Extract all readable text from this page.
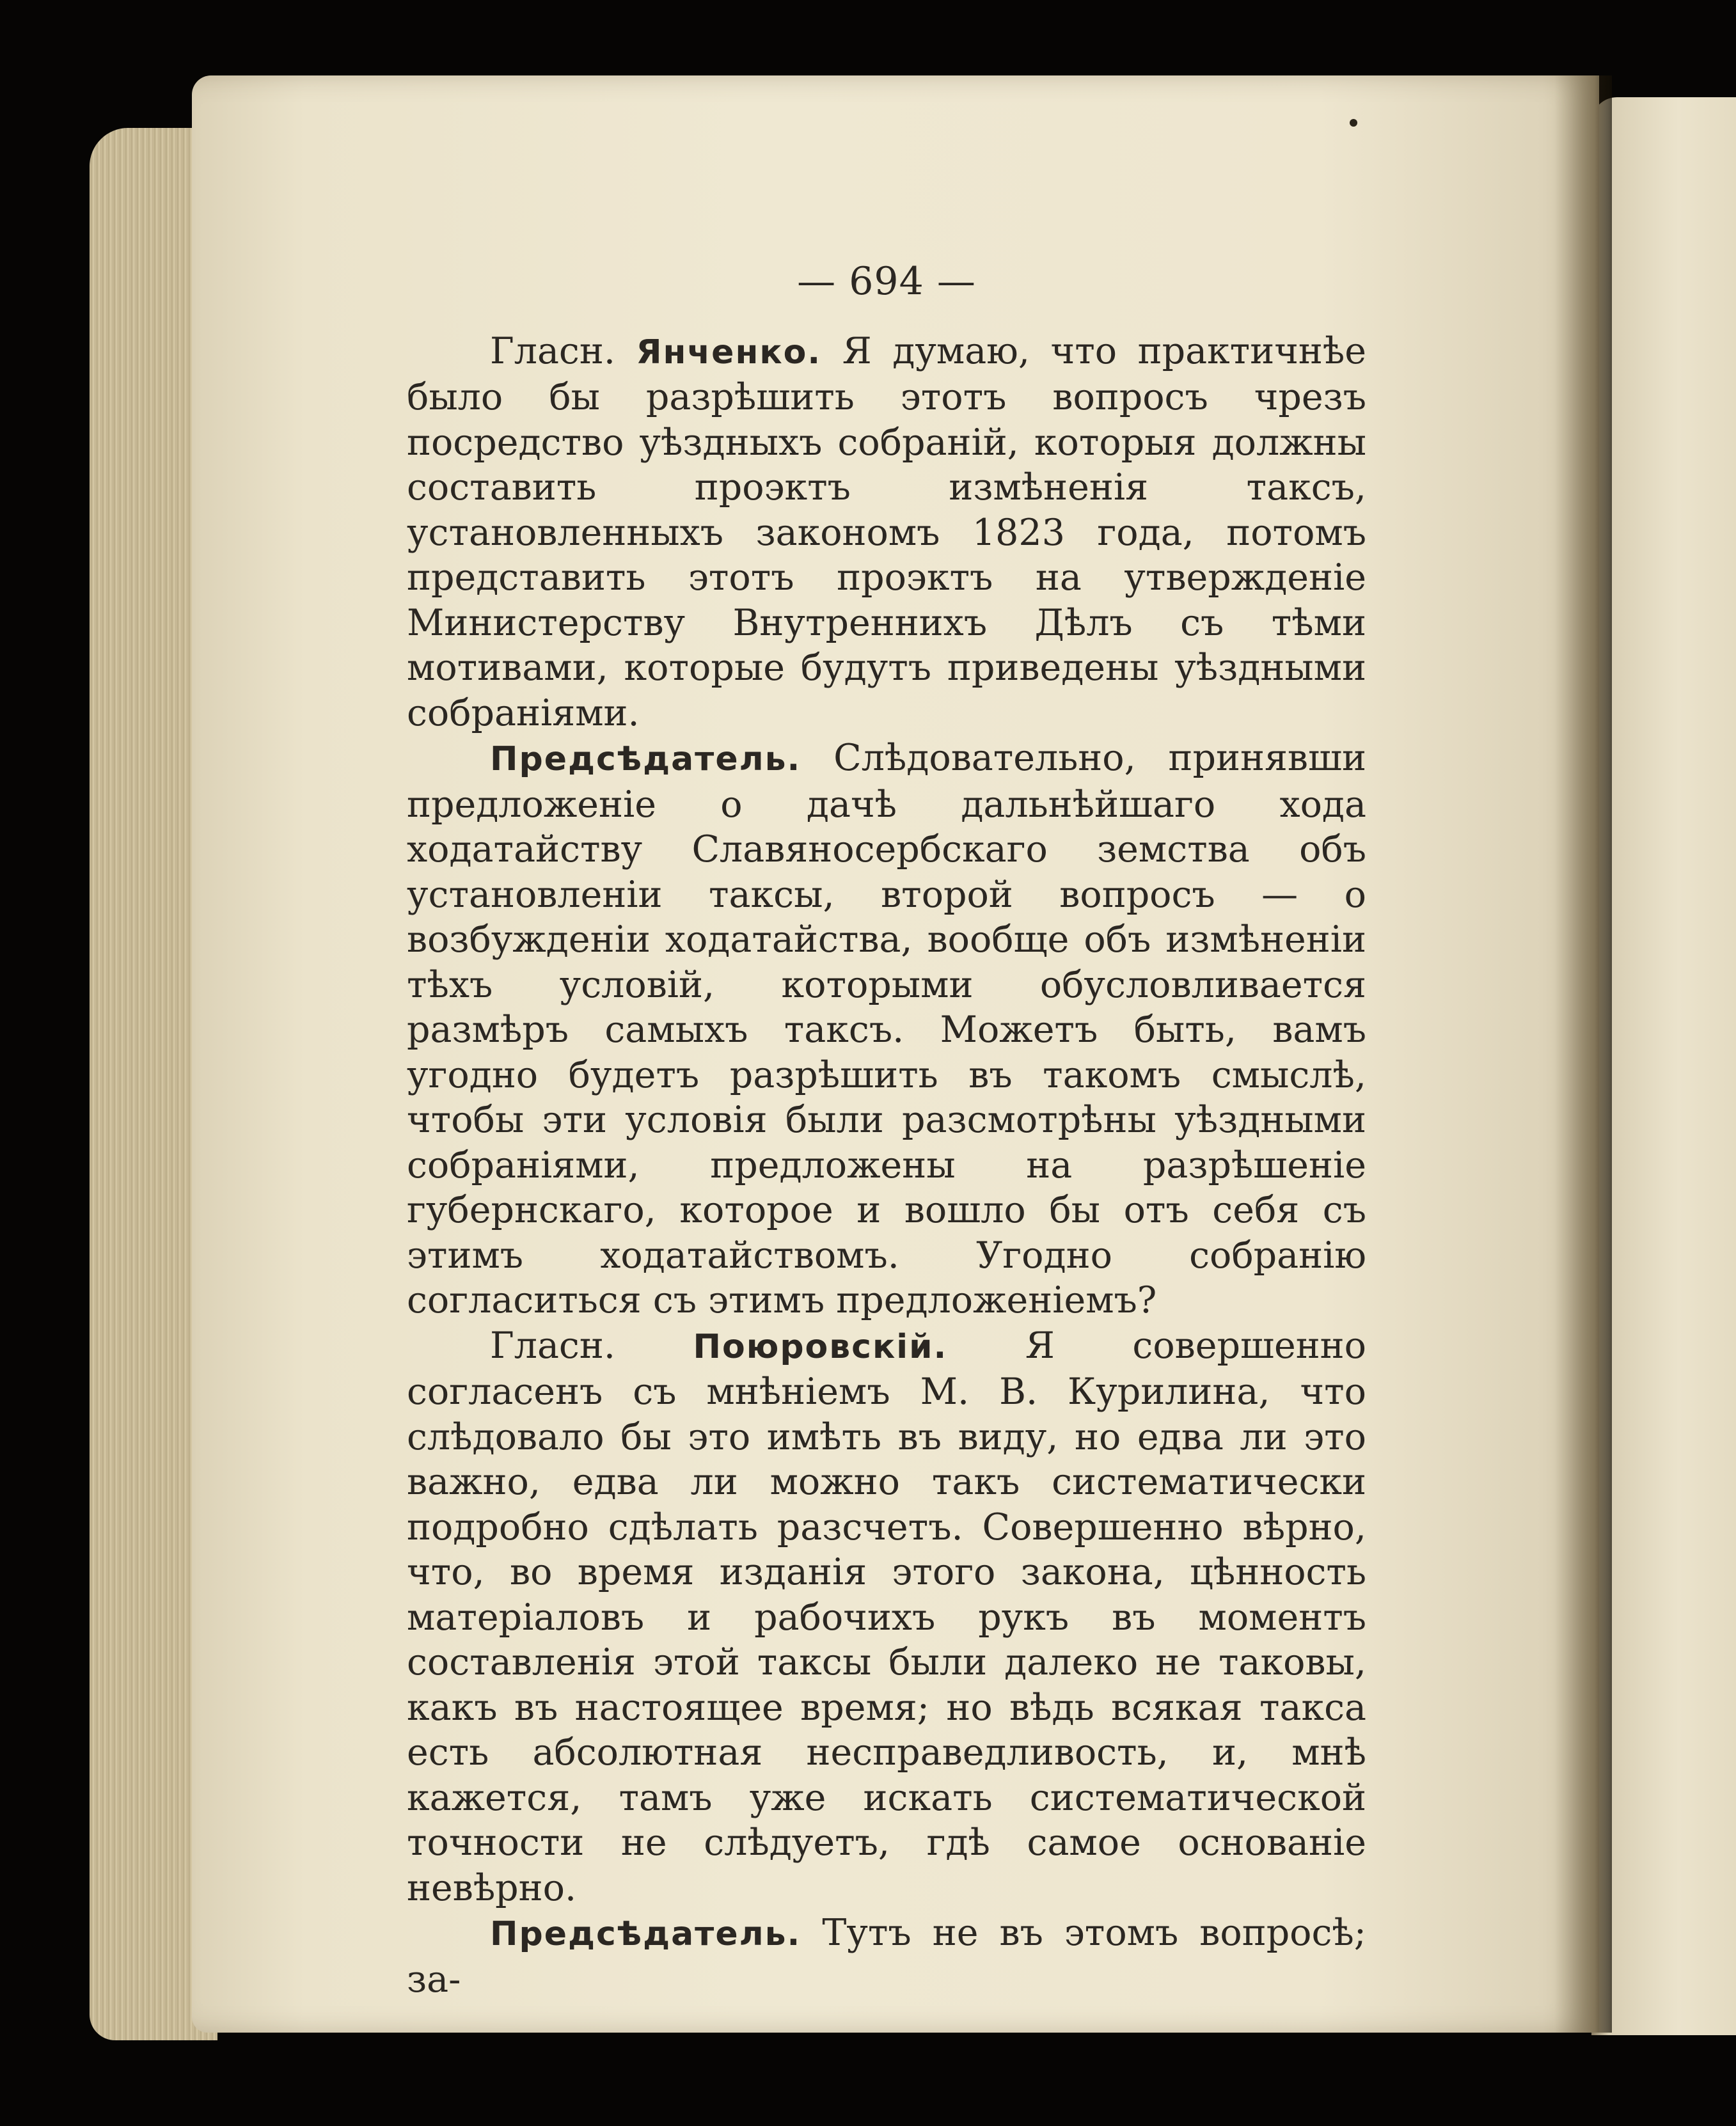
— 694 —

Гласн. Янченко. Я думаю, что практичнѣе было бы разрѣшить этотъ вопросъ чрезъ посредство уѣздныхъ собраній, которыя должны составить проэктъ измѣненія таксъ, установленныхъ закономъ 1823 года, потомъ представить этотъ проэктъ на утвержденіе Министерству Внутреннихъ Дѣлъ съ тѣми мотивами, которые будутъ приведены уѣздными собраніями.

Предсѣдатель. Слѣдовательно, принявши предложеніе о дачѣ дальнѣйшаго хода ходатайству Славяносербскаго земства объ установленіи таксы, второй вопросъ — о возбужденіи ходатайства, вообще объ измѣненіи тѣхъ условій, которыми обусловливается размѣръ самыхъ таксъ. Можетъ быть, вамъ угодно будетъ разрѣшить въ такомъ смыслѣ, чтобы эти условія были разсмотрѣны уѣздными собраніями, предложены на разрѣшеніе губернскаго, которое и вошло бы отъ себя съ этимъ ходатайствомъ. Угодно собранію согласиться съ этимъ предложеніемъ?

Гласн. Поюровскій. Я совершенно согласенъ съ мнѣніемъ М. В. Курилина, что слѣдовало бы это имѣть въ виду, но едва ли это важно, едва ли можно такъ систематически подробно сдѣлать разсчетъ. Совершенно вѣрно, что, во время изданія этого закона, цѣнность матеріаловъ и рабочихъ рукъ въ моментъ составленія этой таксы были далеко не таковы, какъ въ настоящее время; но вѣдь всякая такса есть абсолютная несправедливость, и, мнѣ кажется, тамъ уже искать систематической точности не слѣдуетъ, гдѣ самое основаніе невѣрно.

Предсѣдатель. Тутъ не въ этомъ вопросѣ; за-
